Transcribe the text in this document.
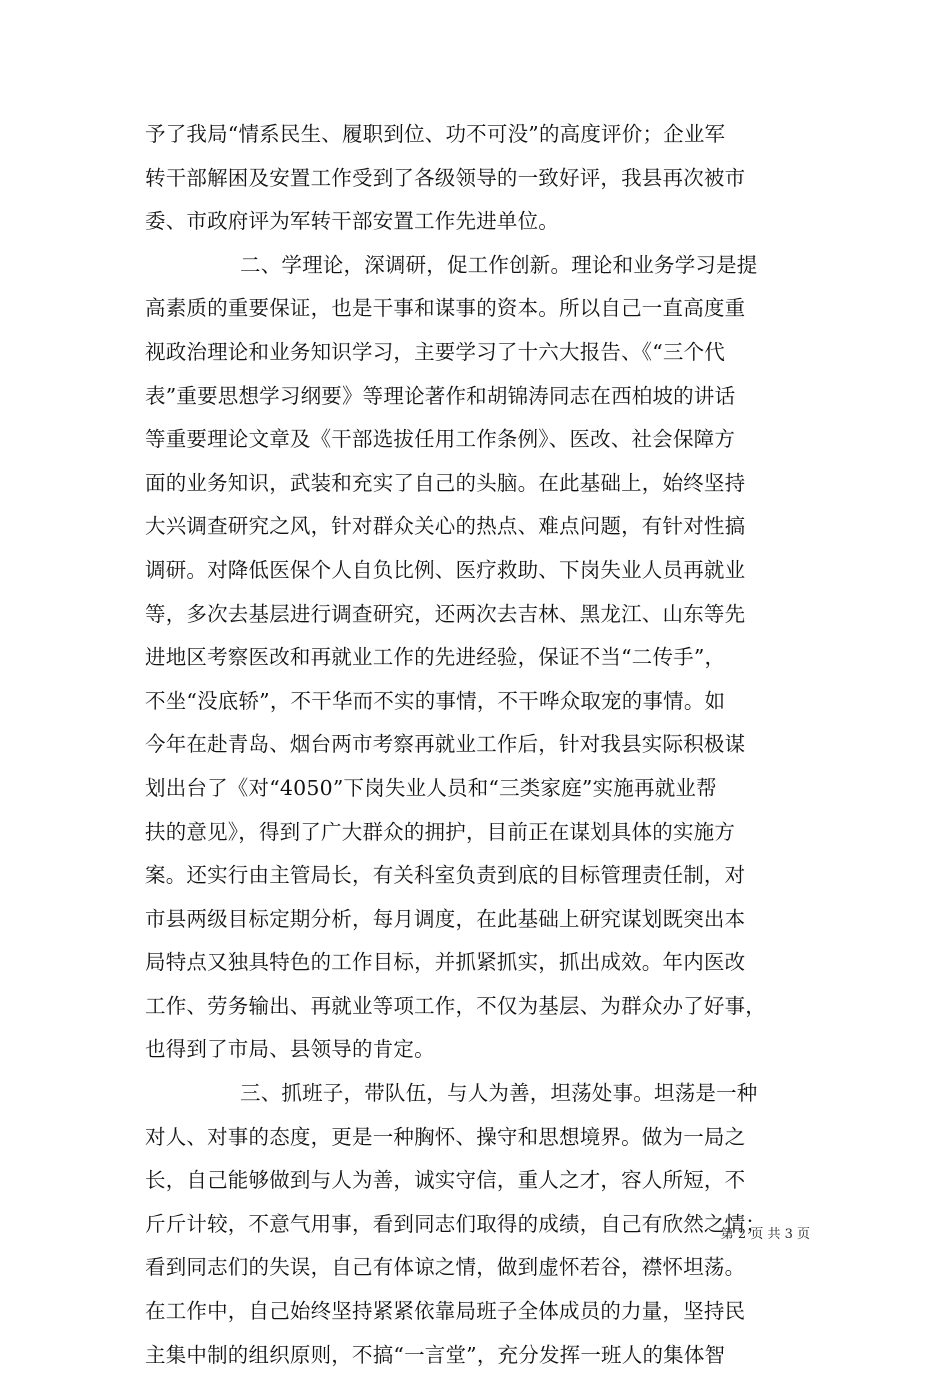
予了我局“情系民生、履职到位、功不可没”的高度评价；企业军
转干部解困及安置工作受到了各级领导的一致好评，我县再次被市
委、市政府评为军转干部安置工作先进单位。
二、学理论，深调研，促工作创新。理论和业务学习是提
高素质的重要保证，也是干事和谋事的资本。所以自己一直高度重
视政治理论和业务知识学习，主要学习了十六大报告、《“三个代
表”重要思想学习纲要》等理论著作和胡锦涛同志在西柏坡的讲话
等重要理论文章及《干部选拔任用工作条例》、医改、社会保障方
面的业务知识，武装和充实了自己的头脑。在此基础上，始终坚持
大兴调查研究之风，针对群众关心的热点、难点问题，有针对性搞
调研。对降低医保个人自负比例、医疗救助、下岗失业人员再就业
等，多次去基层进行调查研究，还两次去吉林、黑龙江、山东等先
进地区考察医改和再就业工作的先进经验，保证不当“二传手”，
不坐“没底轿”，不干华而不实的事情，不干哗众取宠的事情。如
今年在赴青岛、烟台两市考察再就业工作后，针对我县实际积极谋
划出台了《对“4050”下岗失业人员和“三类家庭”实施再就业帮
扶的意见》，得到了广大群众的拥护，目前正在谋划具体的实施方
案。还实行由主管局长，有关科室负责到底的目标管理责任制，对
市县两级目标定期分析，每月调度，在此基础上研究谋划既突出本
局特点又独具特色的工作目标，并抓紧抓实，抓出成效。年内医改
工作、劳务输出、再就业等项工作，不仅为基层、为群众办了好事，
也得到了市局、县领导的肯定。
三、抓班子，带队伍，与人为善，坦荡处事。坦荡是一种
对人、对事的态度，更是一种胸怀、操守和思想境界。做为一局之
长，自己能够做到与人为善，诚实守信，重人之才，容人所短，不
斤斤计较，不意气用事，看到同志们取得的成绩，自己有欣然之情；
看到同志们的失误，自己有体谅之情，做到虚怀若谷，襟怀坦荡。
在工作中，自己始终坚持紧紧依靠局班子全体成员的力量，坚持民
主集中制的组织原则，不搞“一言堂”，充分发挥一班人的集体智
第 2 页 共 3 页
